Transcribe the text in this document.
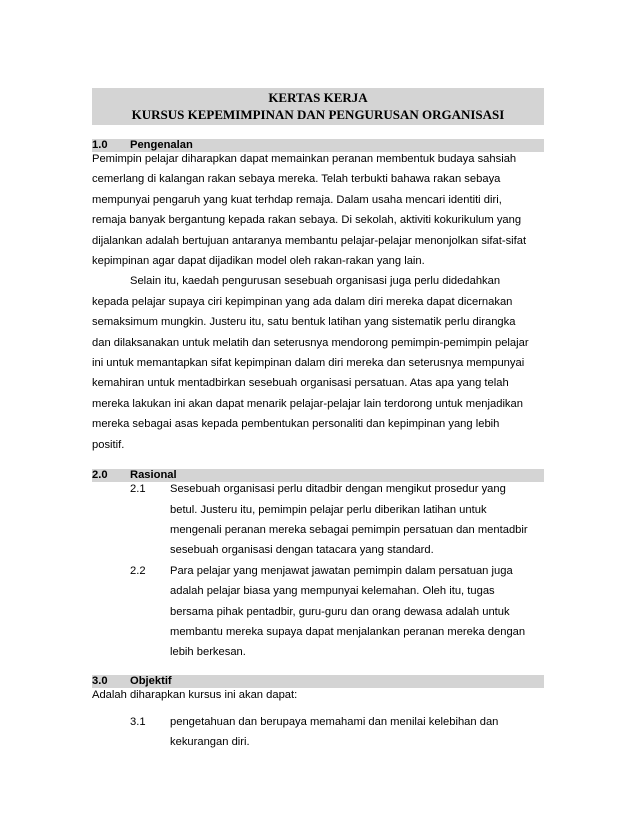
KERTAS KERJA
KURSUS KEPEMIMPINAN DAN PENGURUSAN ORGANISASI
1.0 Pengenalan
Pemimpin pelajar diharapkan dapat memainkan peranan membentuk budaya sahsiah
cemerlang di kalangan rakan sebaya mereka. Telah terbukti bahawa rakan sebaya
mempunyai pengaruh yang kuat terhdap remaja. Dalam usaha mencari identiti diri,
remaja banyak bergantung kepada rakan sebaya. Di sekolah, aktiviti kokurikulum yang
dijalankan adalah bertujuan antaranya membantu pelajar-pelajar menonjolkan sifat-sifat
kepimpinan agar dapat dijadikan model oleh rakan-rakan yang lain.
Selain itu, kaedah pengurusan sesebuah organisasi juga perlu didedahkan
kepada pelajar supaya ciri kepimpinan yang ada dalam diri mereka dapat dicernakan
semaksimum mungkin. Justeru itu, satu bentuk latihan yang sistematik perlu dirangka
dan dilaksanakan untuk melatih dan seterusnya mendorong pemimpin-pemimpin pelajar
ini untuk memantapkan sifat kepimpinan dalam diri mereka dan seterusnya mempunyai
kemahiran untuk mentadbirkan sesebuah organisasi persatuan. Atas apa yang telah
mereka lakukan ini akan dapat menarik pelajar-pelajar lain terdorong untuk menjadikan
mereka sebagai asas kepada pembentukan personaliti dan kepimpinan yang lebih
positif.
2.0 Rasional
2.1 Sesebuah organisasi perlu ditadbir dengan mengikut prosedur yang
betul. Justeru itu, pemimpin pelajar perlu diberikan latihan untuk
mengenali peranan mereka sebagai pemimpin persatuan dan mentadbir
sesebuah organisasi dengan tatacara yang standard.
2.2 Para pelajar yang menjawat jawatan pemimpin dalam persatuan juga
adalah pelajar biasa yang mempunyai kelemahan. Oleh itu, tugas
bersama pihak pentadbir, guru-guru dan orang dewasa adalah untuk
membantu mereka supaya dapat menjalankan peranan mereka dengan
lebih berkesan.
3.0 Objektif
Adalah diharapkan kursus ini akan dapat:
3.1 pengetahuan dan berupaya memahami dan menilai kelebihan dan
kekurangan diri.
